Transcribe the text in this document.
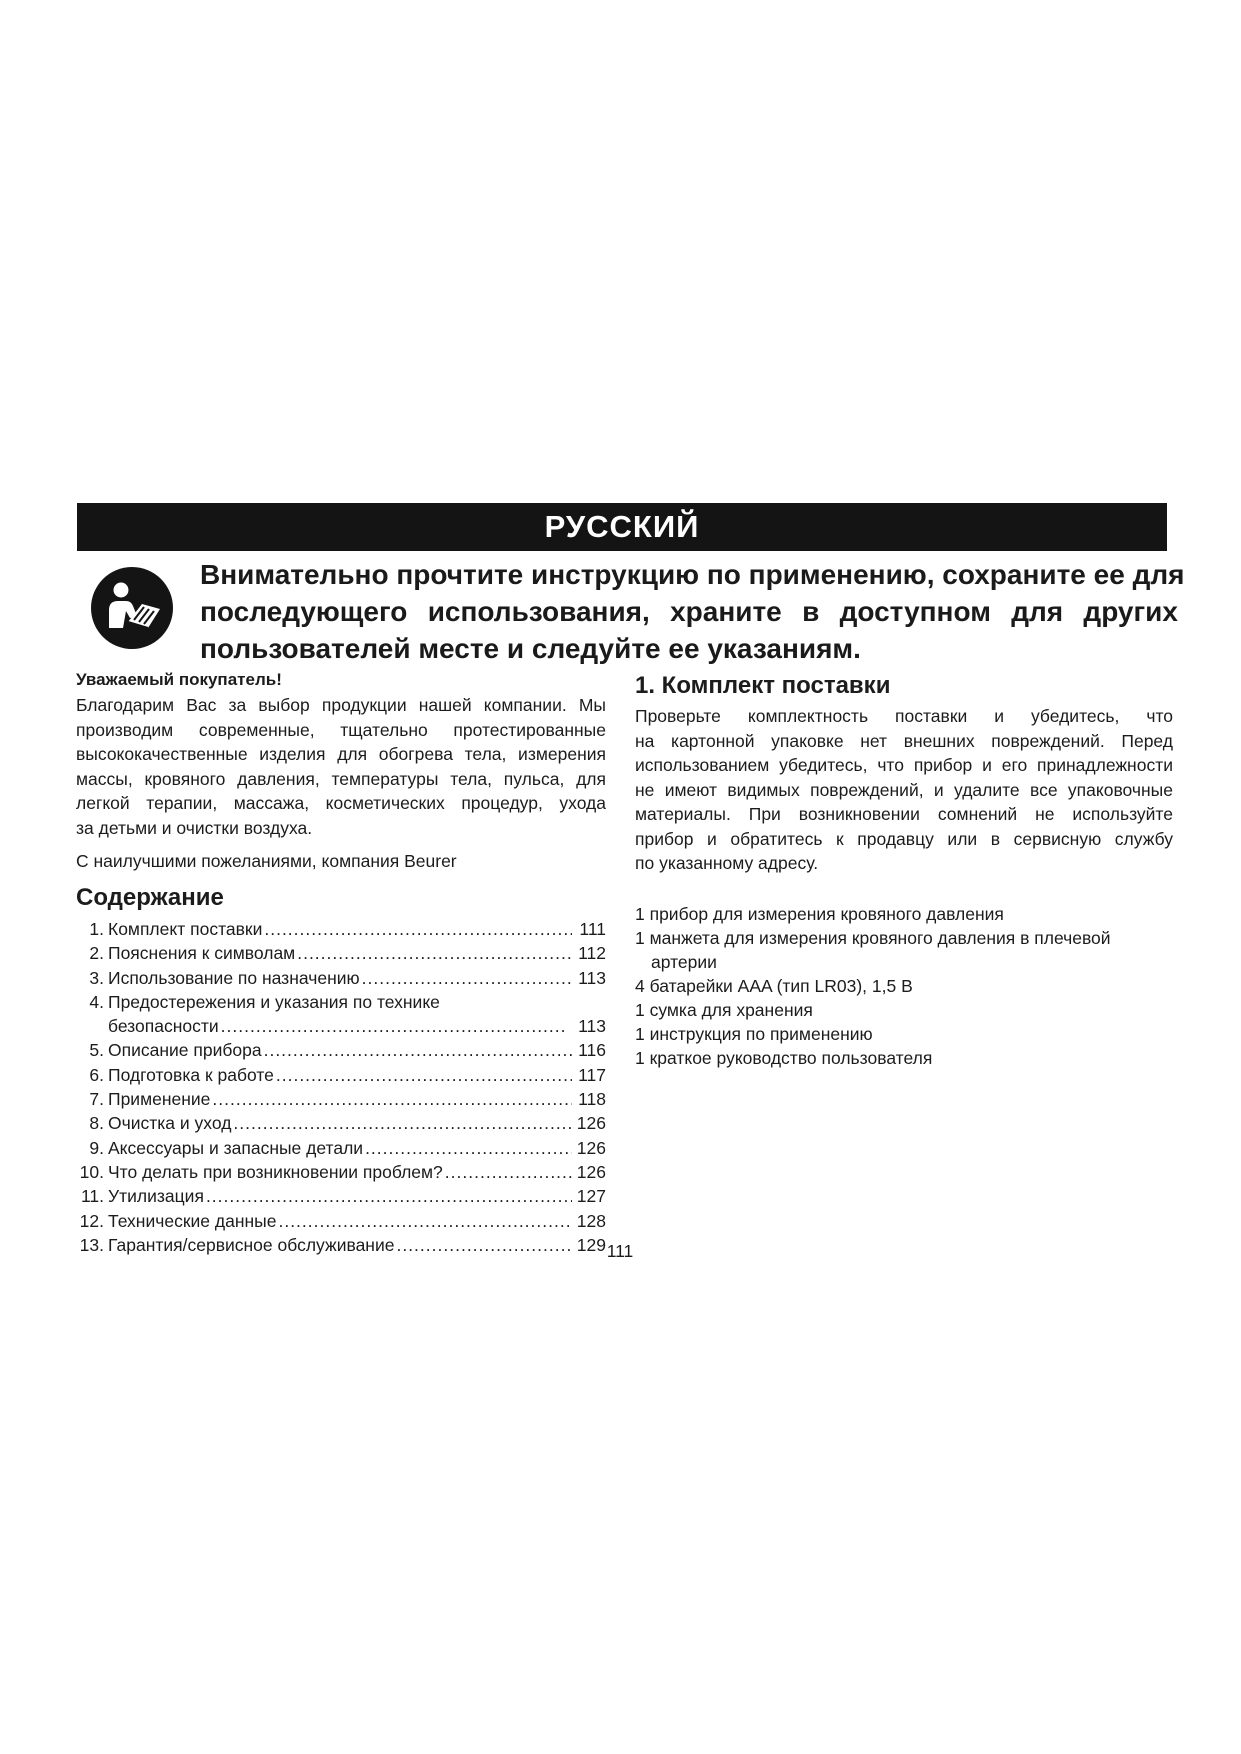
РУССКИЙ
Внимательно прочтите инструкцию по применению, сохраните ее для
последующего использования, храните в доступном для других
пользователей месте и следуйте ее указаниям.
Уважаемый покупатель!
Благодарим Вас за выбор продукции нашей компании. Мы
производим современные, тщательно протестированные
высококачественные изделия для обогрева тела, измерения
массы, кровяного давления, температуры тела, пульса, для
легкой терапии, массажа, косметических процедур, ухода
за детьми и очистки воздуха.
С наилучшими пожеланиями, компания Beurer
Содержание
1. Комплект поставки .....	111
2. Пояснения к символам .....	112
3. Использование по назначению .....	113
4. Предостережения и указания по технике
безопасности .....	113
5. Описание прибора .....	116
6. Подготовка к работе .....	117
7. Применение .....	118
8. Очистка и уход .....	126
9. Аксессуары и запасные детали .....	126
10. Что делать при возникновении проблем? .....	126
11. Утилизация .....	127
12. Технические данные .....	128
13. Гарантия/сервисное обслуживание .....	129
1. Комплект поставки
Проверьте комплектность поставки и убедитесь, что
на картонной упаковке нет внешних повреждений. Перед
использованием убедитесь, что прибор и его принадлежности
не имеют видимых повреждений, и удалите все упаковочные
материалы. При возникновении сомнений не используйте
прибор и обратитесь к продавцу или в сервисную службу
по указанному адресу.
1 прибор для измерения кровяного давления
1 манжета для измерения кровяного давления в плечевой
артерии
4 батарейки AAA (тип LR03), 1,5 В
1 сумка для хранения
1 инструкция по применению
1 краткое руководство пользователя
111
